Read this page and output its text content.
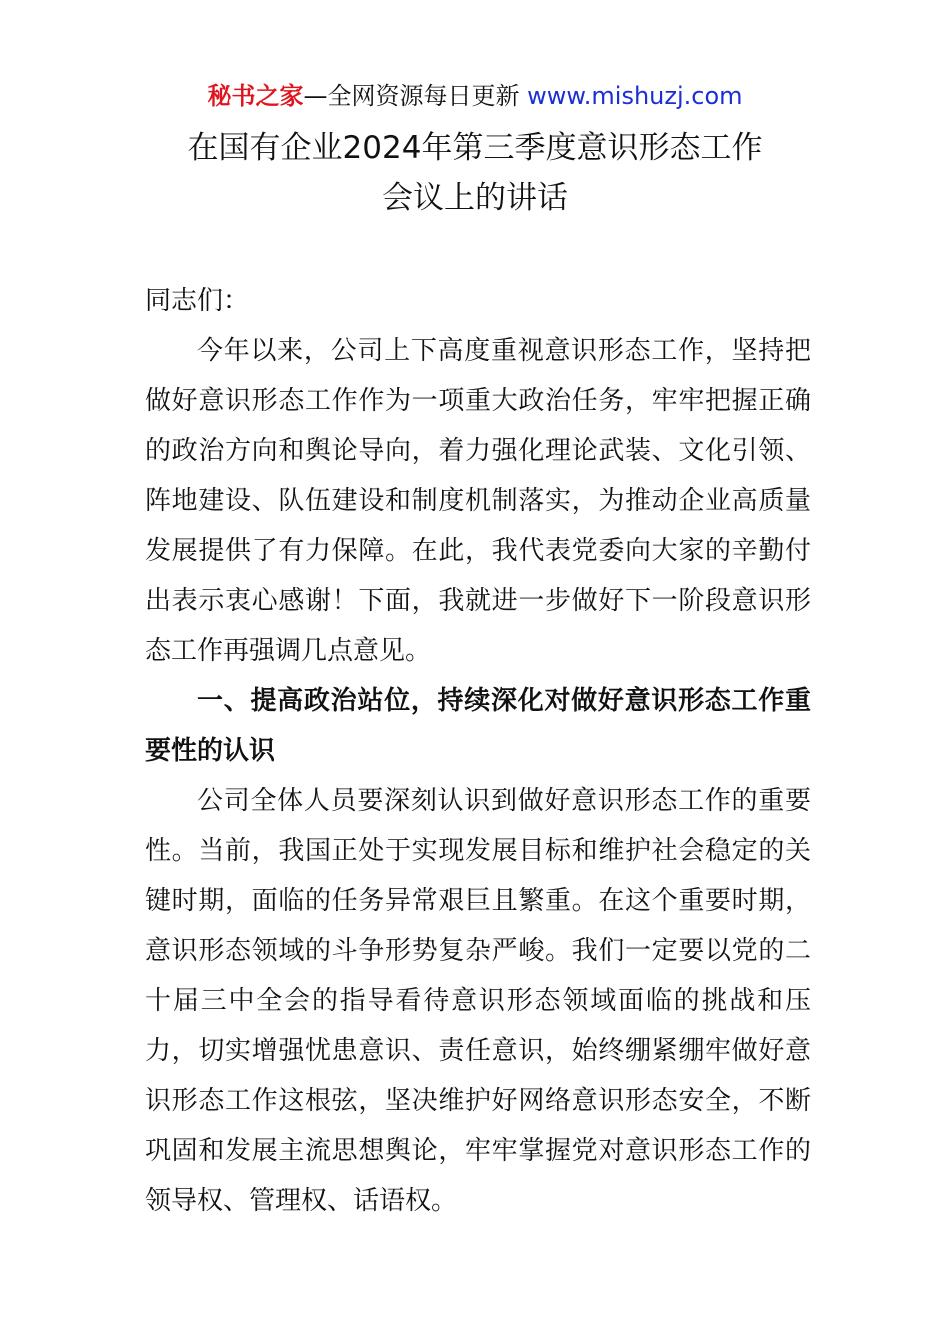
秘书之家—全网资源每日更新 www.mishuzj.com
在国有企业2024年第三季度意识形态工作
会议上的讲话

同志们：

今年以来，公司上下高度重视意识形态工作，坚持把做好意识形态工作作为一项重大政治任务，牢牢把握正确的政治方向和舆论导向，着力强化理论武装、文化引领、阵地建设、队伍建设和制度机制落实，为推动企业高质量发展提供了有力保障。在此，我代表党委向大家的辛勤付出表示衷心感谢！下面，我就进一步做好下一阶段意识形态工作再强调几点意见。

一、提高政治站位，持续深化对做好意识形态工作重要性的认识

公司全体人员要深刻认识到做好意识形态工作的重要性。当前，我国正处于实现发展目标和维护社会稳定的关键时期，面临的任务异常艰巨且繁重。在这个重要时期，意识形态领域的斗争形势复杂严峻。我们一定要以党的二十届三中全会的指导看待意识形态领域面临的挑战和压力，切实增强忧患意识、责任意识，始终绷紧绷牢做好意识形态工作这根弦，坚决维护好网络意识形态安全，不断巩固和发展主流思想舆论，牢牢掌握党对意识形态工作的领导权、管理权、话语权。
